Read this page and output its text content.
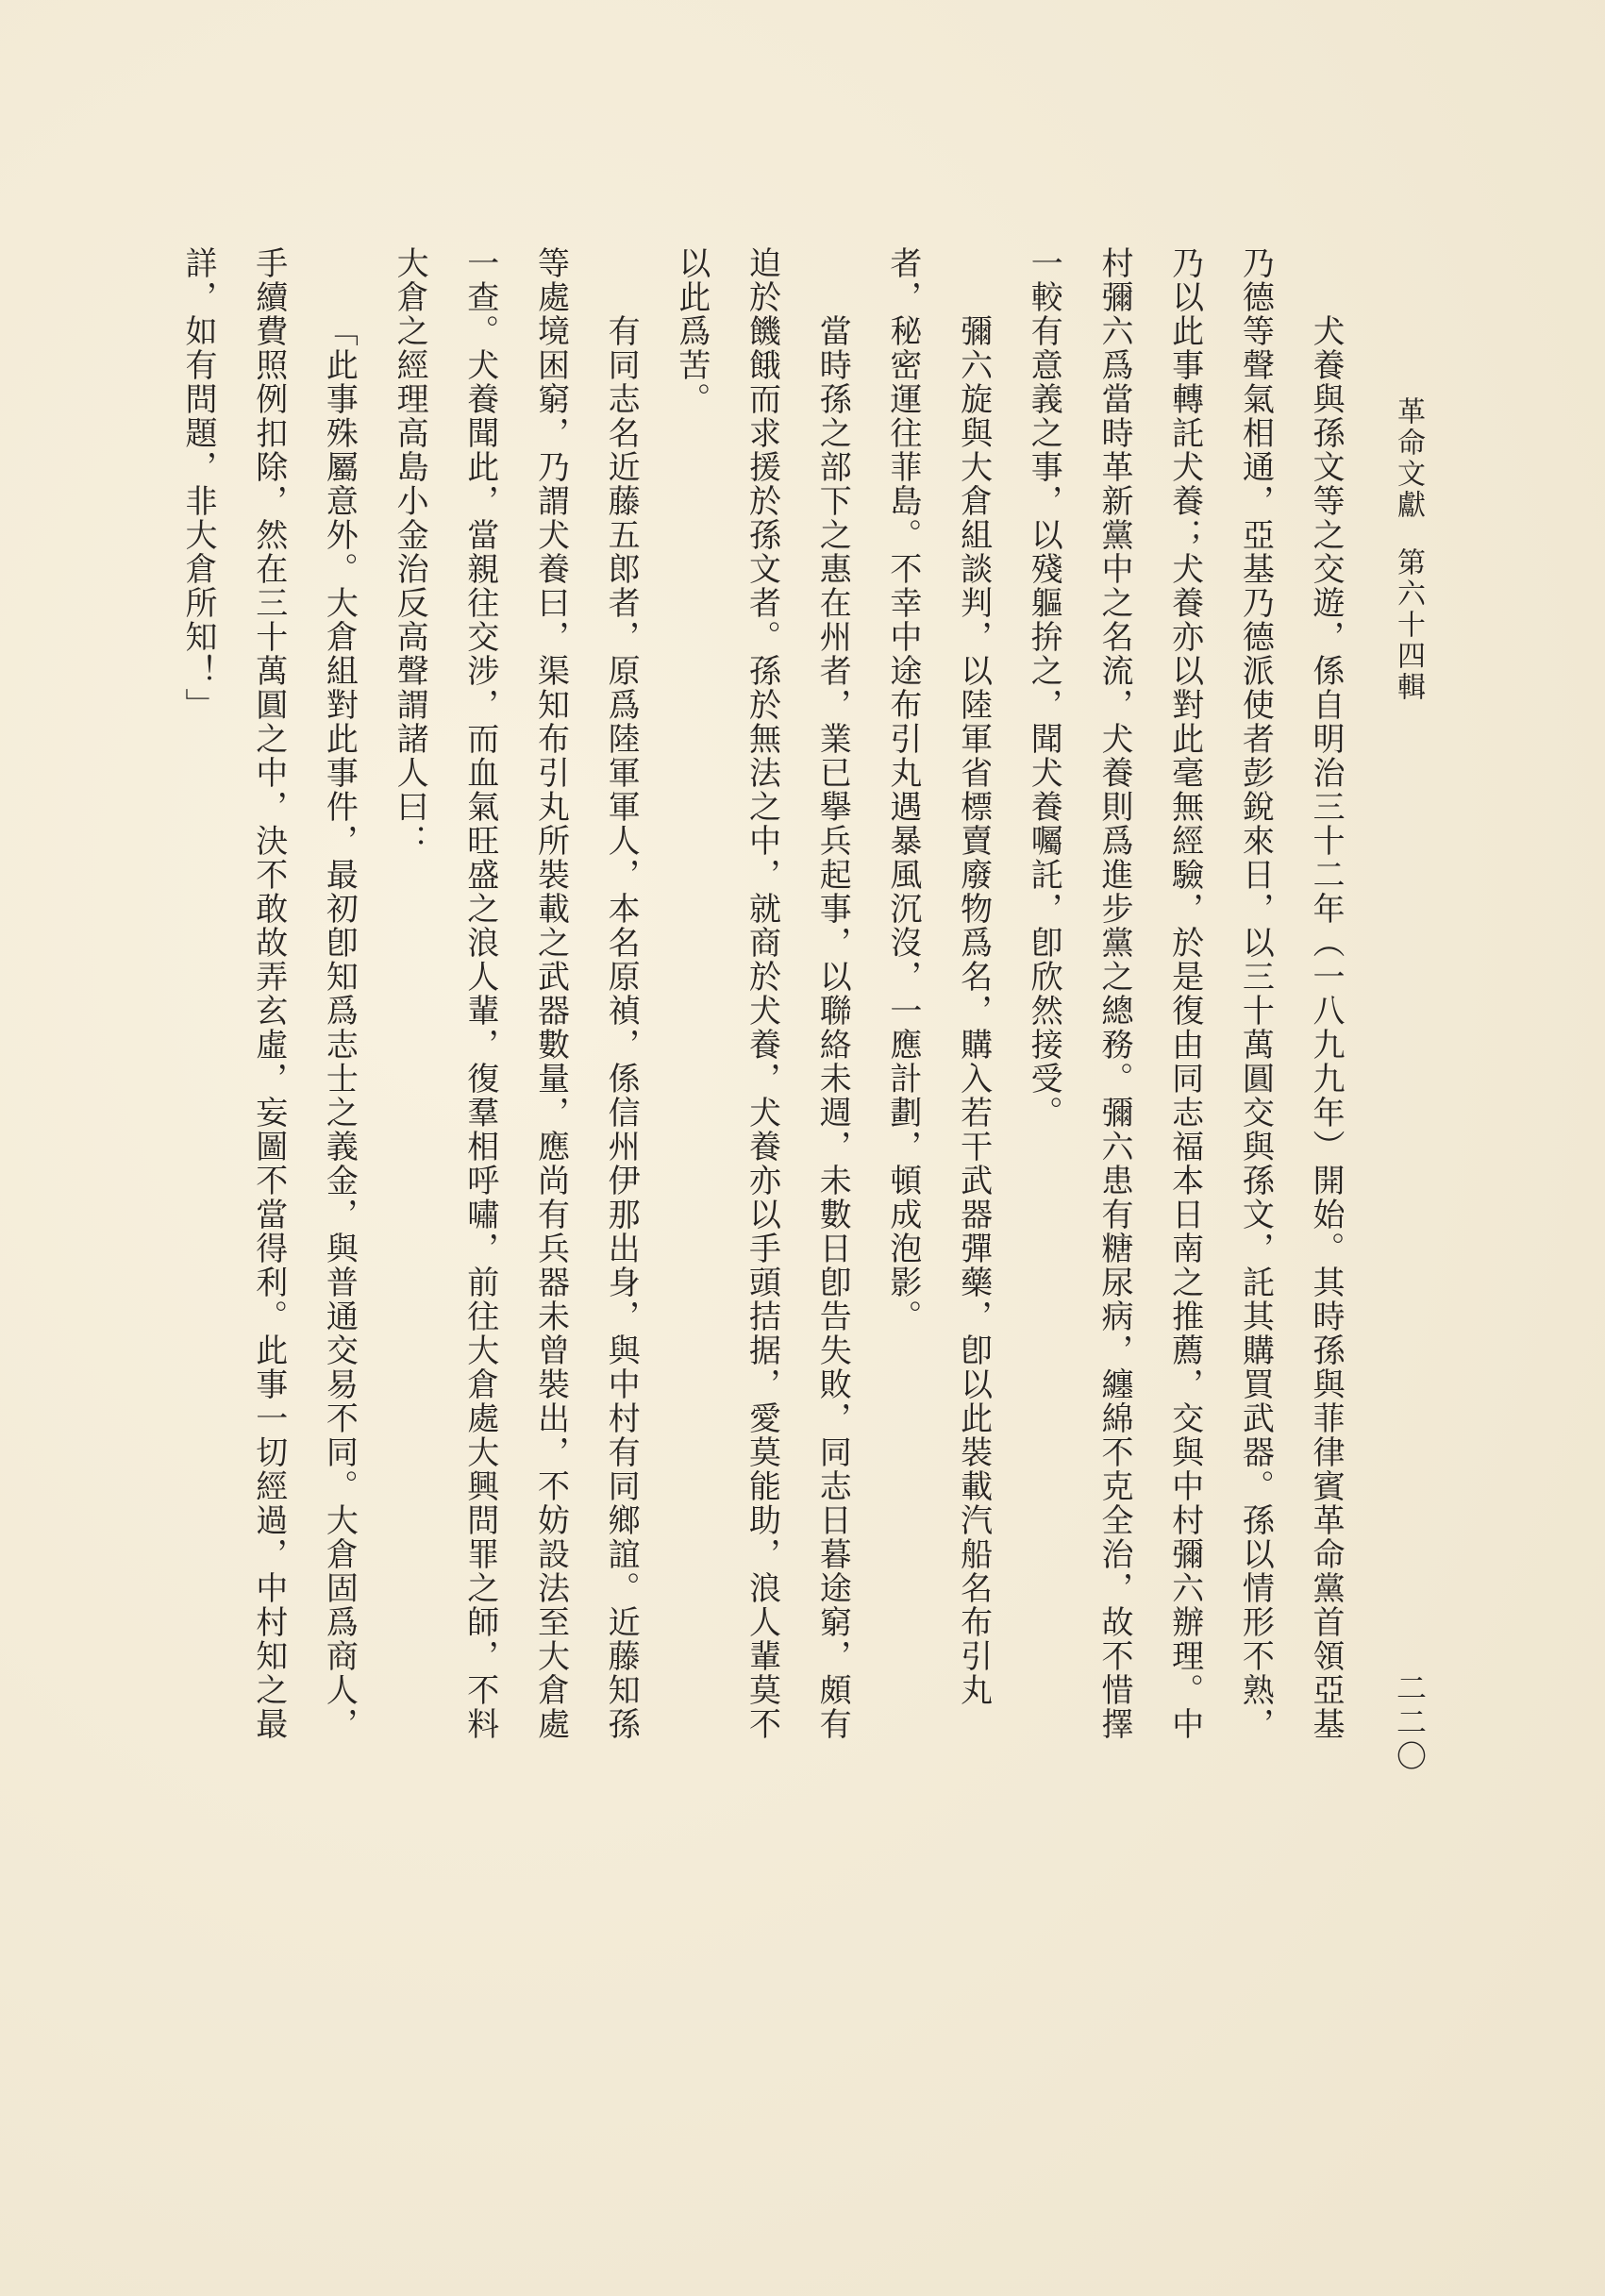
革命文獻第六十四輯
二二〇
犬養與孫文等之交遊，係自明治三十二年（一八九九年）開始。其時孫與菲律賓革命黨首領亞基
乃德等聲氣相通，亞基乃德派使者彭銳來日，以三十萬圓交與孫文，託其購買武器。孫以情形不熟，
乃以此事轉託犬養；犬養亦以對此毫無經驗，於是復由同志福本日南之推薦，交與中村彌六辦理。中
村彌六爲當時革新黨中之名流，犬養則爲進步黨之總務。彌六患有糖尿病，纏綿不克全治，故不惜擇
一較有意義之事，以殘軀拚之，聞犬養囑託，卽欣然接受。
彌六旋與大倉組談判，以陸軍省標賣廢物爲名，購入若干武器彈藥，卽以此裝載汽船名布引丸
者，秘密運往菲島。不幸中途布引丸遇暴風沉沒，一應計劃，頓成泡影。
當時孫之部下之惠在州者，業已擧兵起事，以聯絡未週，未數日卽告失敗，同志日暮途窮，頗有
迫於饑餓而求援於孫文者。孫於無法之中，就商於犬養，犬養亦以手頭拮据，愛莫能助，浪人輩莫不
以此爲苦。
有同志名近藤五郎者，原爲陸軍軍人，本名原禎，係信州伊那出身，與中村有同鄉誼。近藤知孫
等處境困窮，乃謂犬養曰，渠知布引丸所裝載之武器數量，應尚有兵器未曾裝出，不妨設法至大倉處
一查。犬養聞此，當親往交涉，而血氣旺盛之浪人輩，復羣相呼嘯，前往大倉處大興問罪之師，不料
大倉之經理高島小金治反高聲謂諸人曰：
「此事殊屬意外。大倉組對此事件，最初卽知爲志士之義金，與普通交易不同。大倉固爲商人，
手續費照例扣除，然在三十萬圓之中，決不敢故弄玄虛，妄圖不當得利。此事一切經過，中村知之最
詳，如有問題，非大倉所知！」
